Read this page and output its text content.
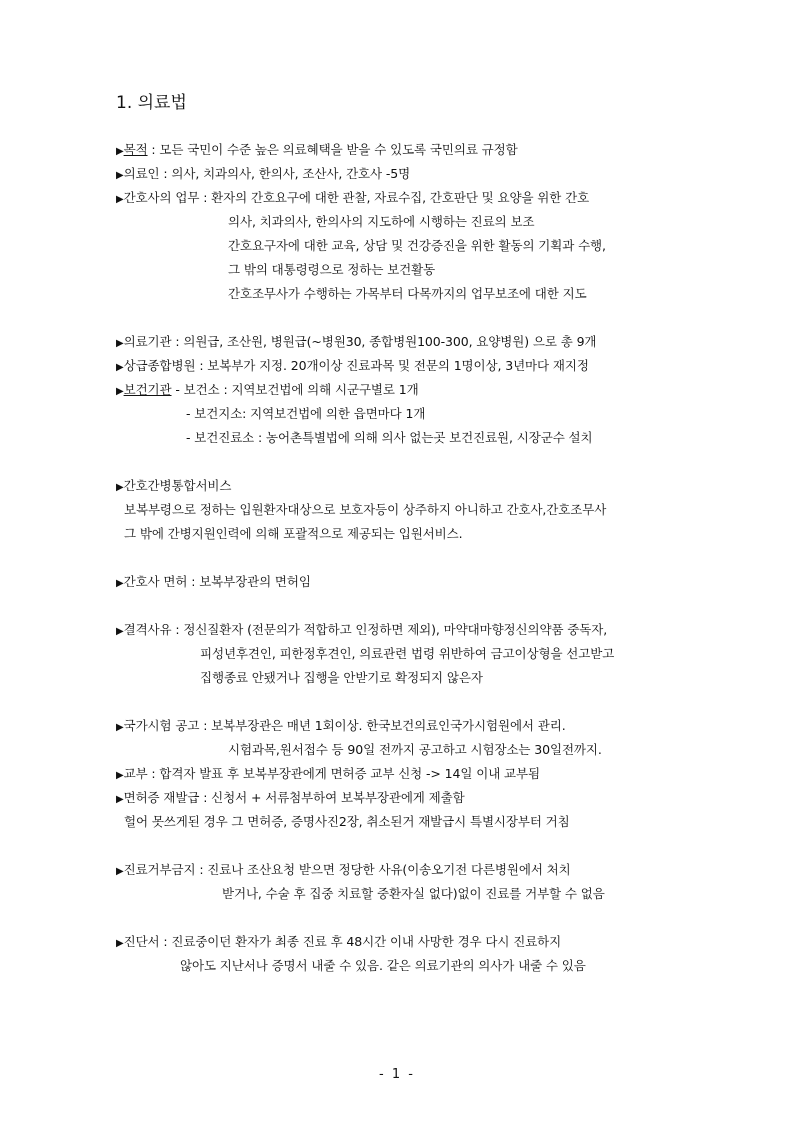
1. 의료법
▶목적 : 모든 국민이 수준 높은 의료혜택을 받을 수 있도록 국민의료 규정함
▶의료인 : 의사, 치과의사, 한의사, 조산사, 간호사 -5명
▶간호사의 업무 : 환자의 간호요구에 대한 관찰, 자료수집, 간호판단 및 요양을 위한 간호
의사, 치과의사, 한의사의 지도하에 시행하는 진료의 보조
간호요구자에 대한 교육, 상담 및 건강증진을 위한 활동의 기획과 수행,
그 밖의 대통령령으로 정하는 보건활동
간호조무사가 수행하는 가목부터 다목까지의 업무보조에 대한 지도
▶의료기관 : 의원급, 조산원, 병원급(~병원30, 종합병원100-300, 요양병원) 으로 총 9개
▶상급종합병원 : 보복부가 지정. 20개이상 진료과목 및 전문의 1명이상, 3년마다 재지정
▶보건기관 - 보건소 : 지역보건법에 의해 시군구별로 1개
- 보건지소: 지역보건법에 의한 읍면마다 1개
- 보건진료소 : 농어촌특별법에 의해 의사 없는곳 보건진료원, 시장군수 설치
▶간호간병통합서비스
보복부령으로 정하는 입원환자대상으로 보호자등이 상주하지 아니하고 간호사,간호조무사
그 밖에 간병지원인력에 의해 포괄적으로 제공되는 입원서비스.
▶간호사 면허 : 보복부장관의 면허임
▶결격사유 : 정신질환자 (전문의가 적합하고 인정하면 제외), 마약대마향정신의약품 중독자,
피성년후견인, 피한정후견인, 의료관련 법령 위반하여 금고이상형을 선고받고
집행종료 안됐거나 집행을 안받기로 확정되지 않은자
▶국가시험 공고 : 보복부장관은 매년 1회이상. 한국보건의료인국가시험원에서 관리.
시험과목,원서접수 등 90일 전까지 공고하고 시험장소는 30일전까지.
▶교부 : 합격자 발표 후 보복부장관에게 면허증 교부 신청 -> 14일 이내 교부됨
▶면허증 재발급 : 신청서 + 서류첨부하여 보복부장관에게 제출함
헐어 못쓰게된 경우 그 면허증, 증명사진2장, 취소된거 재발급시 특별시장부터 거침
▶진료거부금지 : 진료나 조산요청 받으면 정당한 사유(이송오기전 다른병원에서 처치
받거나, 수술 후 집중 치료할 중환자실 없다)없이 진료를 거부할 수 없음
▶진단서 : 진료중이던 환자가 최종 진료 후 48시간 이내 사망한 경우 다시 진료하지
않아도 지난서나 증명서 내줄 수 있음. 같은 의료기관의 의사가 내줄 수 있음
- 1 -
